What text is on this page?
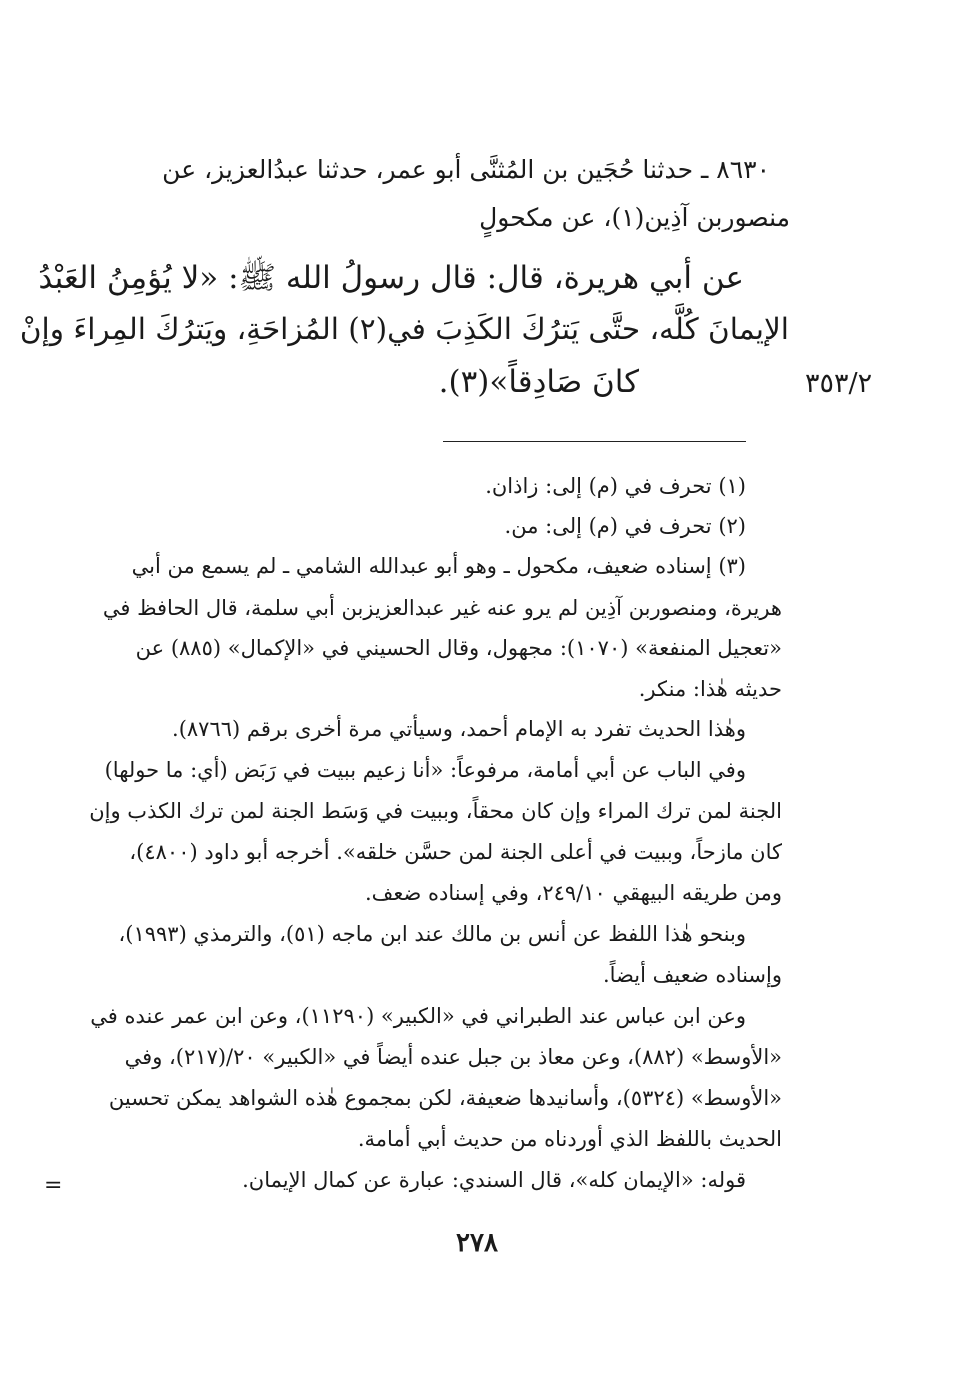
٨٦٣٠ ـ حدثنا حُجَين بن المُثنَّى أبو عمر، حدثنا عبدُالعزيز، عن
منصوربن آذِين(١)، عن مكحولٍ
عن أبي هريرة، قال: قال رسولُ الله ﷺ: «لا يُؤمِنُ العَبْدُ
الإيمانَ كُلَّه، حتَّى يَترُكَ الكَذِبَ في(٢) المُزاحَةِ، ويَترُكَ المِراءَ وإنْ
كانَ صَادِقاً»(٣).	٣٥٣/٢
(١) تحرف في (م) إلى: زاذان.
(٢) تحرف في (م) إلى: من.
(٣) إسناده ضعيف، مكحول ـ وهو أبو عبدالله الشامي ـ لم يسمع من أبي
هريرة، ومنصوربن آذِين لم يرو عنه غير عبدالعزيزبن أبي سلمة، قال الحافظ في
«تعجيل المنفعة» (١٠٧٠): مجهول، وقال الحسيني في «الإكمال» (٨٨٥) عن
حديثه هٰذا: منكر.
وهٰذا الحديث تفرد به الإمام أحمد، وسيأتي مرة أخرى برقم (٨٧٦٦).
وفي الباب عن أبي أمامة، مرفوعاً: «أنا زعيم ببيت في رَبَض (أي: ما حولها)
الجنة لمن ترك المراء وإن كان محقاً، وببيت في وَسَط الجنة لمن ترك الكذب وإن
كان مازحاً، وببيت في أعلى الجنة لمن حسَّن خلقه». أخرجه أبو داود (٤٨٠٠)،
ومن طريقه البيهقي ٢٤٩/١٠، وفي إسناده ضعف.
وبنحو هٰذا اللفظ عن أنس بن مالك عند ابن ماجه (٥١)، والترمذي (١٩٩٣)،
وإسناده ضعيف أيضاً.
وعن ابن عباس عند الطبراني في «الكبير» (١١٢٩٠)، وعن ابن عمر عنده في
«الأوسط» (٨٨٢)، وعن معاذ بن جبل عنده أيضاً في «الكبير» ٢٠/(٢١٧)، وفي
«الأوسط» (٥٣٢٤)، وأسانيدها ضعيفة، لكن بمجموع هٰذه الشواهد يمكن تحسين
الحديث باللفظ الذي أوردناه من حديث أبي أمامة.
قوله: «الإيمان كله»، قال السندي: عبارة عن كمال الإيمان.
=
٢٧٨
